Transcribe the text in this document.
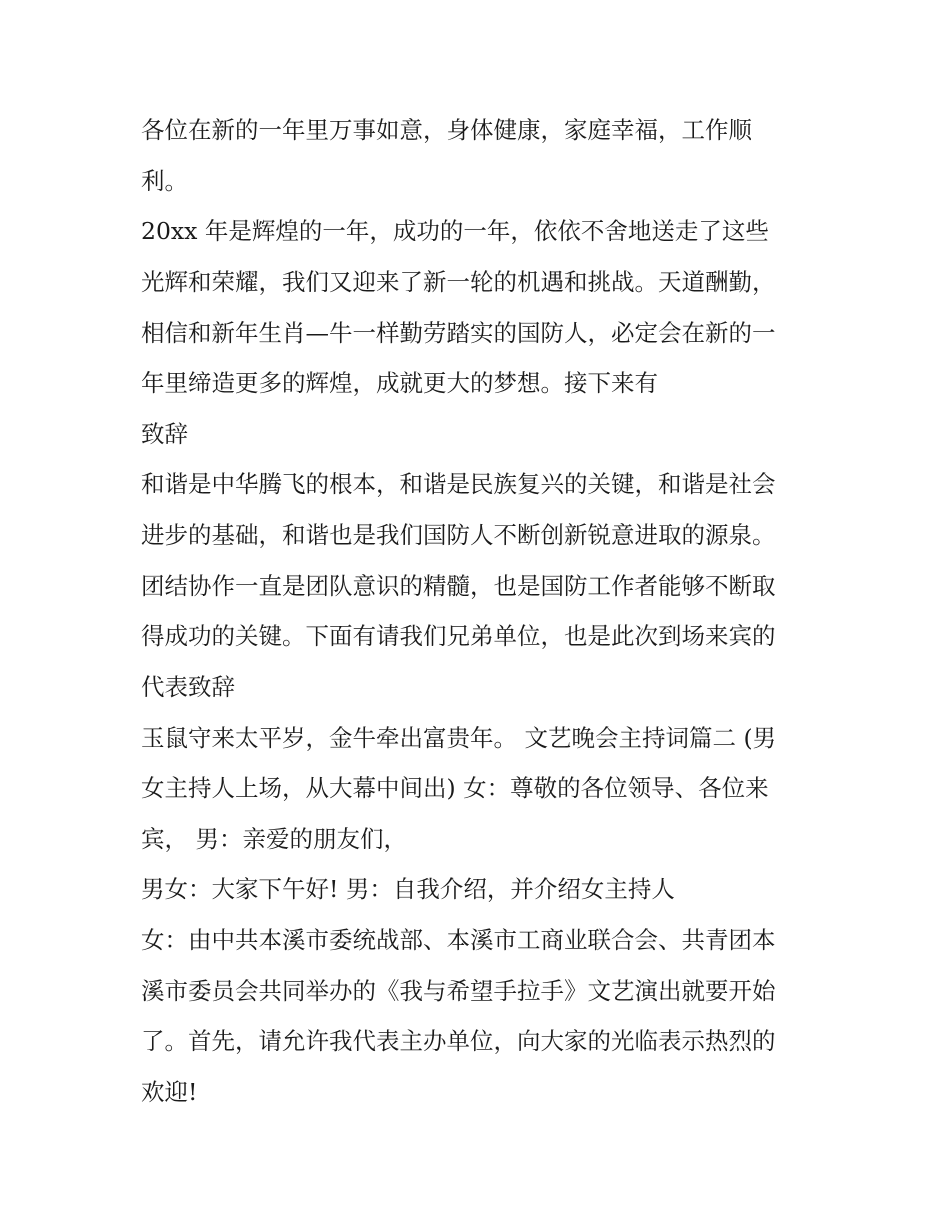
各位在新的一年里万事如意，身体健康，家庭幸福，工作顺
利。
20xx 年是辉煌的一年，成功的一年，依依不舍地送走了这些
光辉和荣耀，我们又迎来了新一轮的机遇和挑战。天道酬勤，
相信和新年生肖—牛一样勤劳踏实的国防人，必定会在新的一
年里缔造更多的辉煌，成就更大的梦想。接下来有
致辞
和谐是中华腾飞的根本，和谐是民族复兴的关键，和谐是社会
进步的基础，和谐也是我们国防人不断创新锐意进取的源泉。
团结协作一直是团队意识的精髓，也是国防工作者能够不断取
得成功的关键。下面有请我们兄弟单位，也是此次到场来宾的
代表致辞
玉鼠守来太平岁，金牛牵出富贵年。 文艺晚会主持词篇二 (男
女主持人上场，从大幕中间出) 女：尊敬的各位领导、各位来
宾， 男：亲爱的朋友们，
男女：大家下午好! 男：自我介绍，并介绍女主持人
女：由中共本溪市委统战部、本溪市工商业联合会、共青团本
溪市委员会共同举办的《我与希望手拉手》文艺演出就要开始
了。首先，请允许我代表主办单位，向大家的光临表示热烈的
欢迎!
